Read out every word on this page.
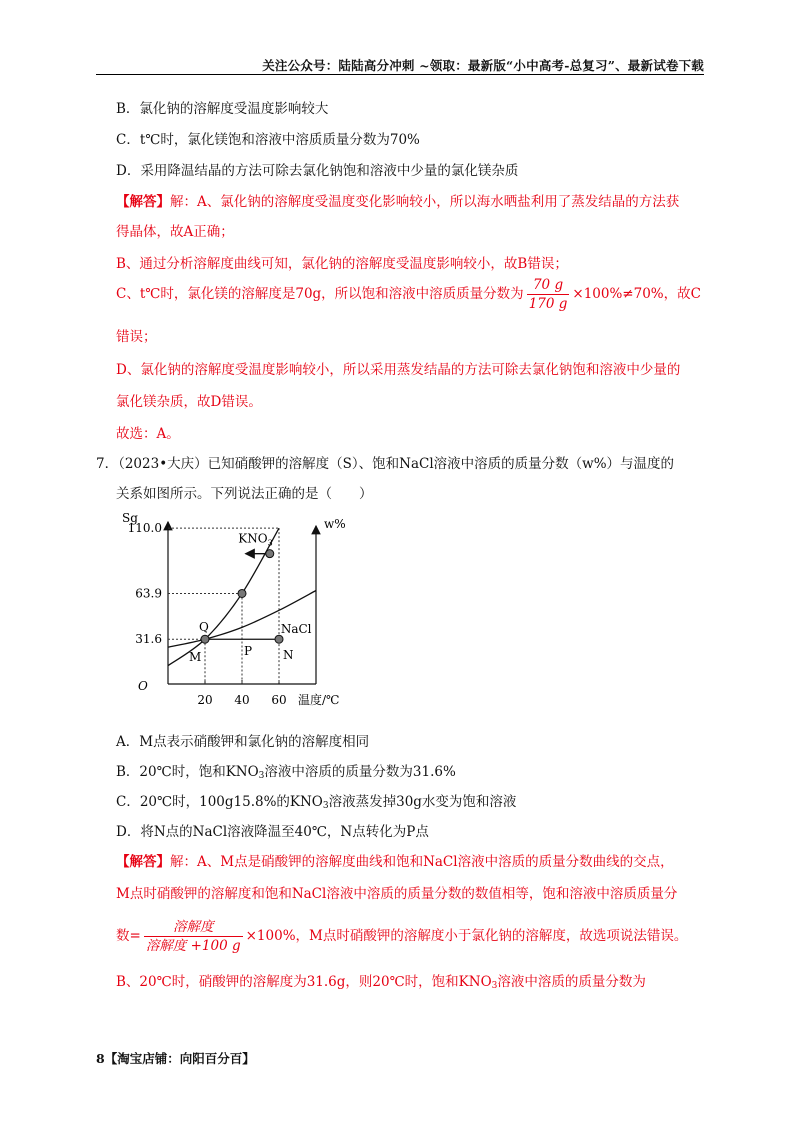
关注公众号：陆陆高分冲刺 ~领取：最新版“小中高考-总复习”、最新试卷下载
B．氯化钠的溶解度受温度影响较大
C．t℃时，氯化镁饱和溶液中溶质质量分数为70%
D．采用降温结晶的方法可除去氯化钠饱和溶液中少量的氯化镁杂质
【解答】解：A、氯化钠的溶解度受温度变化影响较小，所以海水晒盐利用了蒸发结晶的方法获
得晶体，故A正确；
B、通过分析溶解度曲线可知，氯化钠的溶解度受温度影响较小，故B错误；
C、t℃时，氯化镁的溶解度是70g，所以饱和溶液中溶质质量分数为 $\frac{70 g}{170 g} \times 100\%\ne 70\%$，故C
错误；
D、氯化钠的溶解度受温度影响较小，所以采用蒸发结晶的方法可除去氯化钠饱和溶液中少量的
氯化镁杂质，故D错误。
故选：A。
7．（2023•大庆）已知硝酸钾的溶解度（S）、饱和NaCl溶液中溶质的质量分数（w%）与温度的
关系如图所示。下列说法正确的是（　　）
Sg	w%
温度/℃
O
20 40 60
110.0
63.9
31.6
$KNO_3$
NaCl
Q
M	P	N
A．M点表示硝酸钾和氯化钠的溶解度相同
B．20℃时，饱和$KNO_3$溶液中溶质的质量分数为31.6%
C．20℃时，100g15.8%的$KNO_3$溶液蒸发掉30g水变为饱和溶液
D．将N点的NaCl溶液降温至40℃，N点转化为P点
【解答】解：A、M点是硝酸钾的溶解度曲线和饱和NaCl溶液中溶质的质量分数曲线的交点，
M点时硝酸钾的溶解度和饱和NaCl溶液中溶质的质量分数的数值相等，饱和溶液中溶质质量分
数= $\frac{\text{溶解度}}{\text{溶解度 +100 g}} \times 100\%$，M点时硝酸钾的溶解度小于氯化钠的溶解度，故选项说法错误。
B、20℃时，硝酸钾的溶解度为31.6g，则20℃时，饱和$KNO_3$溶液中溶质的质量分数为
8【淘宝店铺：向阳百分百】
